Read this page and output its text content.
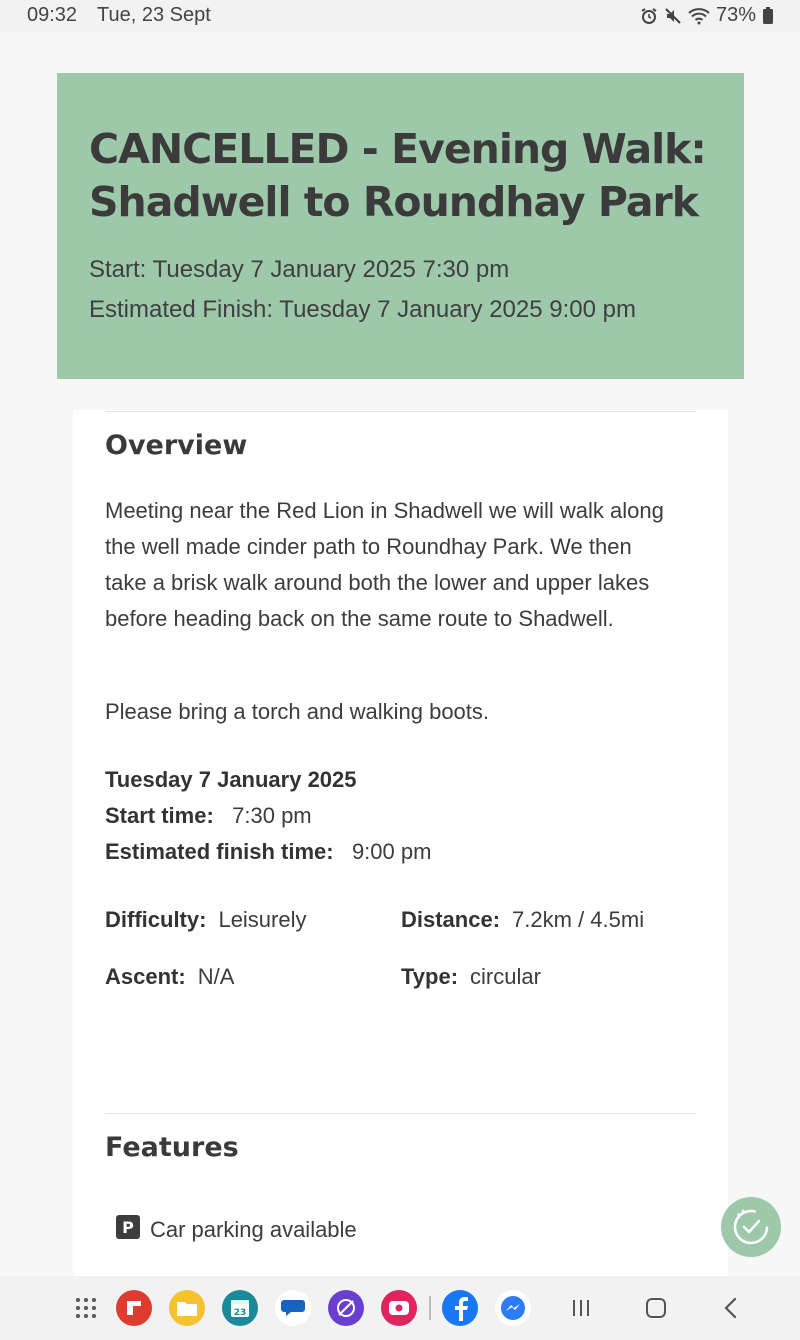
09:32 Tue, 23 Sept	73%
CANCELLED - Evening Walk: Shadwell to Roundhay Park
Start: Tuesday 7 January 2025 7:30 pm
Estimated Finish: Tuesday 7 January 2025 9:00 pm
Overview

Meeting near the Red Lion in Shadwell we will walk along the well made cinder path to Roundhay Park. We then take a brisk walk around both the lower and upper lakes before heading back on the same route to Shadwell.

Please bring a torch and walking boots.

Tuesday 7 January 2025
Start time: 7:30 pm
Estimated finish time: 9:00 pm
Difficulty: Leisurely	Distance: 7.2km / 4.5mi
Ascent: N/A	Type: circular
Features
P Car parking available
23
